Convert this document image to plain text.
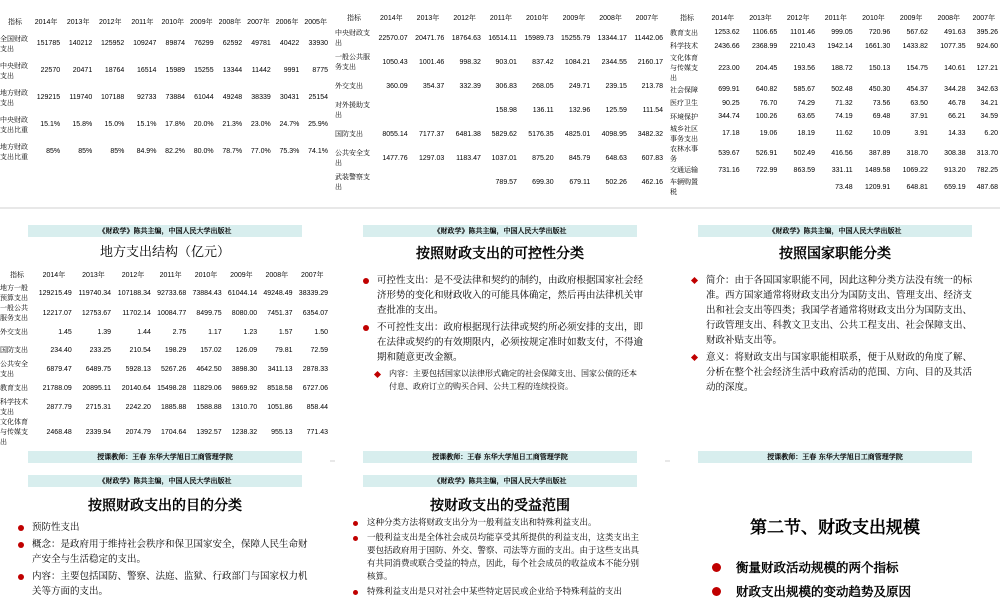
指标	2014年	2013年	2012年	2011年	2010年	2009年	2008年	2007年	2006年	2005年
全国财政支出	151785	140212	125952	109247	89874	76299	62592	49781	40422	33930
中央财政支出	22570	20471	18764	16514	15989	15255	13344	11442	9991	8775
地方财政支出	129215	119740	107188	92733	73884	61044	49248	38339	30431	25154
中央财政支出比重	15.1%	15.8%	15.0%	15.1%	17.8%	20.0%	21.3%	23.0%	24.7%	25.9%
地方财政支出比重	85%	85%	85%	84.9%	82.2%	80.0%	78.7%	77.0%	75.3%	74.1%
指标	2014年	2013年	2012年	2011年	2010年	2009年	2008年	2007年
中央财政支出	22570.07	20471.76	18764.63	16514.11	15989.73	15255.79	13344.17	11442.06
一般公共服务支出	1050.43	1001.46	998.32	903.01	837.42	1084.21	2344.55	2160.17
外交支出	360.09	354.37	332.39	306.83	268.05	249.71	239.15	213.78
对外援助支出				158.98	136.11	132.96	125.59	111.54
国防支出	8055.14	7177.37	6481.38	5829.62	5176.35	4825.01	4098.95	3482.32
公共安全支出	1477.76	1297.03	1183.47	1037.01	875.20	845.79	648.63	607.83
武装警察支出				789.57	699.30	679.11	502.26	462.16
指标	2014年	2013年	2012年	2011年	2010年	2009年	2008年	2007年
教育支出	1253.62	1106.65	1101.46	999.05	720.96	567.62	491.63	395.26
科学技术	2436.66	2368.99	2210.43	1942.14	1661.30	1433.82	1077.35	924.60
文化体育与传媒支出	223.00	204.45	193.56	188.72	150.13	154.75	140.61	127.21
社会保障	699.91	640.82	585.67	502.48	450.30	454.37	344.28	342.63
医疗卫生	90.25	76.70	74.29	71.32	73.56	63.50	46.78	34.21
环境保护	344.74	100.26	63.65	74.19	69.48	37.91	66.21	34.59
城乡社区事务支出	17.18	19.06	18.19	11.62	10.09	3.91	14.33	6.20
农林水事务	539.67	526.91	502.49	416.56	387.89	318.70	308.38	313.70
交通运输	731.16	722.99	863.59	331.11	1489.58	1069.22	913.20	782.25
车辆购置税				73.48	1209.91	648.81	659.19	487.68

《财政学》陈共主编，中国人民大学出版社
地方支出结构（亿元）
指标	2014年	2013年	2012年	2011年	2010年	2009年	2008年	2007年
地方一般预算支出	129215.49	119740.34	107188.34	92733.68	73884.43	61044.14	49248.49	38339.29
一般公共服务支出	12217.07	12753.67	11702.14	10084.77	8499.75	8080.00	7451.37	6354.07
外交支出	1.45	1.39	1.44	2.75	1.17	1.23	1.57	1.50
国防支出	234.40	233.25	210.54	198.29	157.02	126.09	79.81	72.59
公共安全支出	6879.47	6489.75	5928.13	5267.26	4642.50	3898.30	3411.13	2878.33
教育支出	21788.09	20895.11	20140.64	15498.28	11829.06	9869.92	8518.58	6727.06
科学技术支出	2877.79	2715.31	2242.20	1885.88	1588.88	1310.70	1051.86	858.44
文化体育与传媒支出	2468.48	2339.94	2074.79	1704.64	1392.57	1238.32	955.13	771.43
授课教师：王春 东华大学旭日工商管理学院
《财政学》陈共主编，中国人民大学出版社
按照财政支出的可控性分类

可控性支出：是不受法律和契约的制约，由政府根据国家社会经济形势的变化和财政收入的可能具体确定，然后再由法律机关审查批准的支出。

不可控性支出：政府根据现行法律或契约所必须安排的支出，即在法律或契约的有效期限内，必须按规定准时如数支付，不得逾期和随意更改金额。

内容：主要包括国家以法律形式确定的社会保障支出、国家公债的还本付息、政府订立的购买合同、公共工程的连续投资。

授课教师：王春 东华大学旭日工商管理学院
《财政学》陈共主编，中国人民大学出版社
按照国家职能分类

简介：由于各国国家职能不同，因此这种分类方法没有统一的标准。西方国家通常将财政支出分为国防支出、管理支出、经济支出和社会支出等四类；我国学者通常将财政支出分为国防支出、行政管理支出、科教文卫支出、公共工程支出、社会保障支出、财政补贴支出等。

意义：将财政支出与国家职能相联系，便于从财政的角度了解、分析在整个社会经济生活中政府活动的范围、方向、目的及其活动的深度。

授课教师：王春 东华大学旭日工商管理学院
《财政学》陈共主编，中国人民大学出版社
按照财政支出的目的分类

预防性支出

概念：是政府用于维持社会秩序和保卫国家安全，保障人民生命财产安全与生活稳定的支出。

内容：主要包括国防、警察、法庭、监狱、行政部门与国家权力机关等方面的支出。

《财政学》陈共主编，中国人民大学出版社
按财政支出的受益范围

这种分类方法将财政支出分为一般利益支出和特殊利益支出。

一般利益支出是全体社会成员均能享受其所提供的利益支出，这类支出主要包括政府用于国防、外交、警察、司法等方面的支出。由于这些支出具有共同消费或联合受益的特点，因此，每个社会成员的收益成本不能分别核算。

特殊利益支出是只对社会中某些特定居民或企业给予特殊利益的支出

第二节、财政支出规模

衡量财政活动规模的两个指标

财政支出规模的变动趋势及原因
